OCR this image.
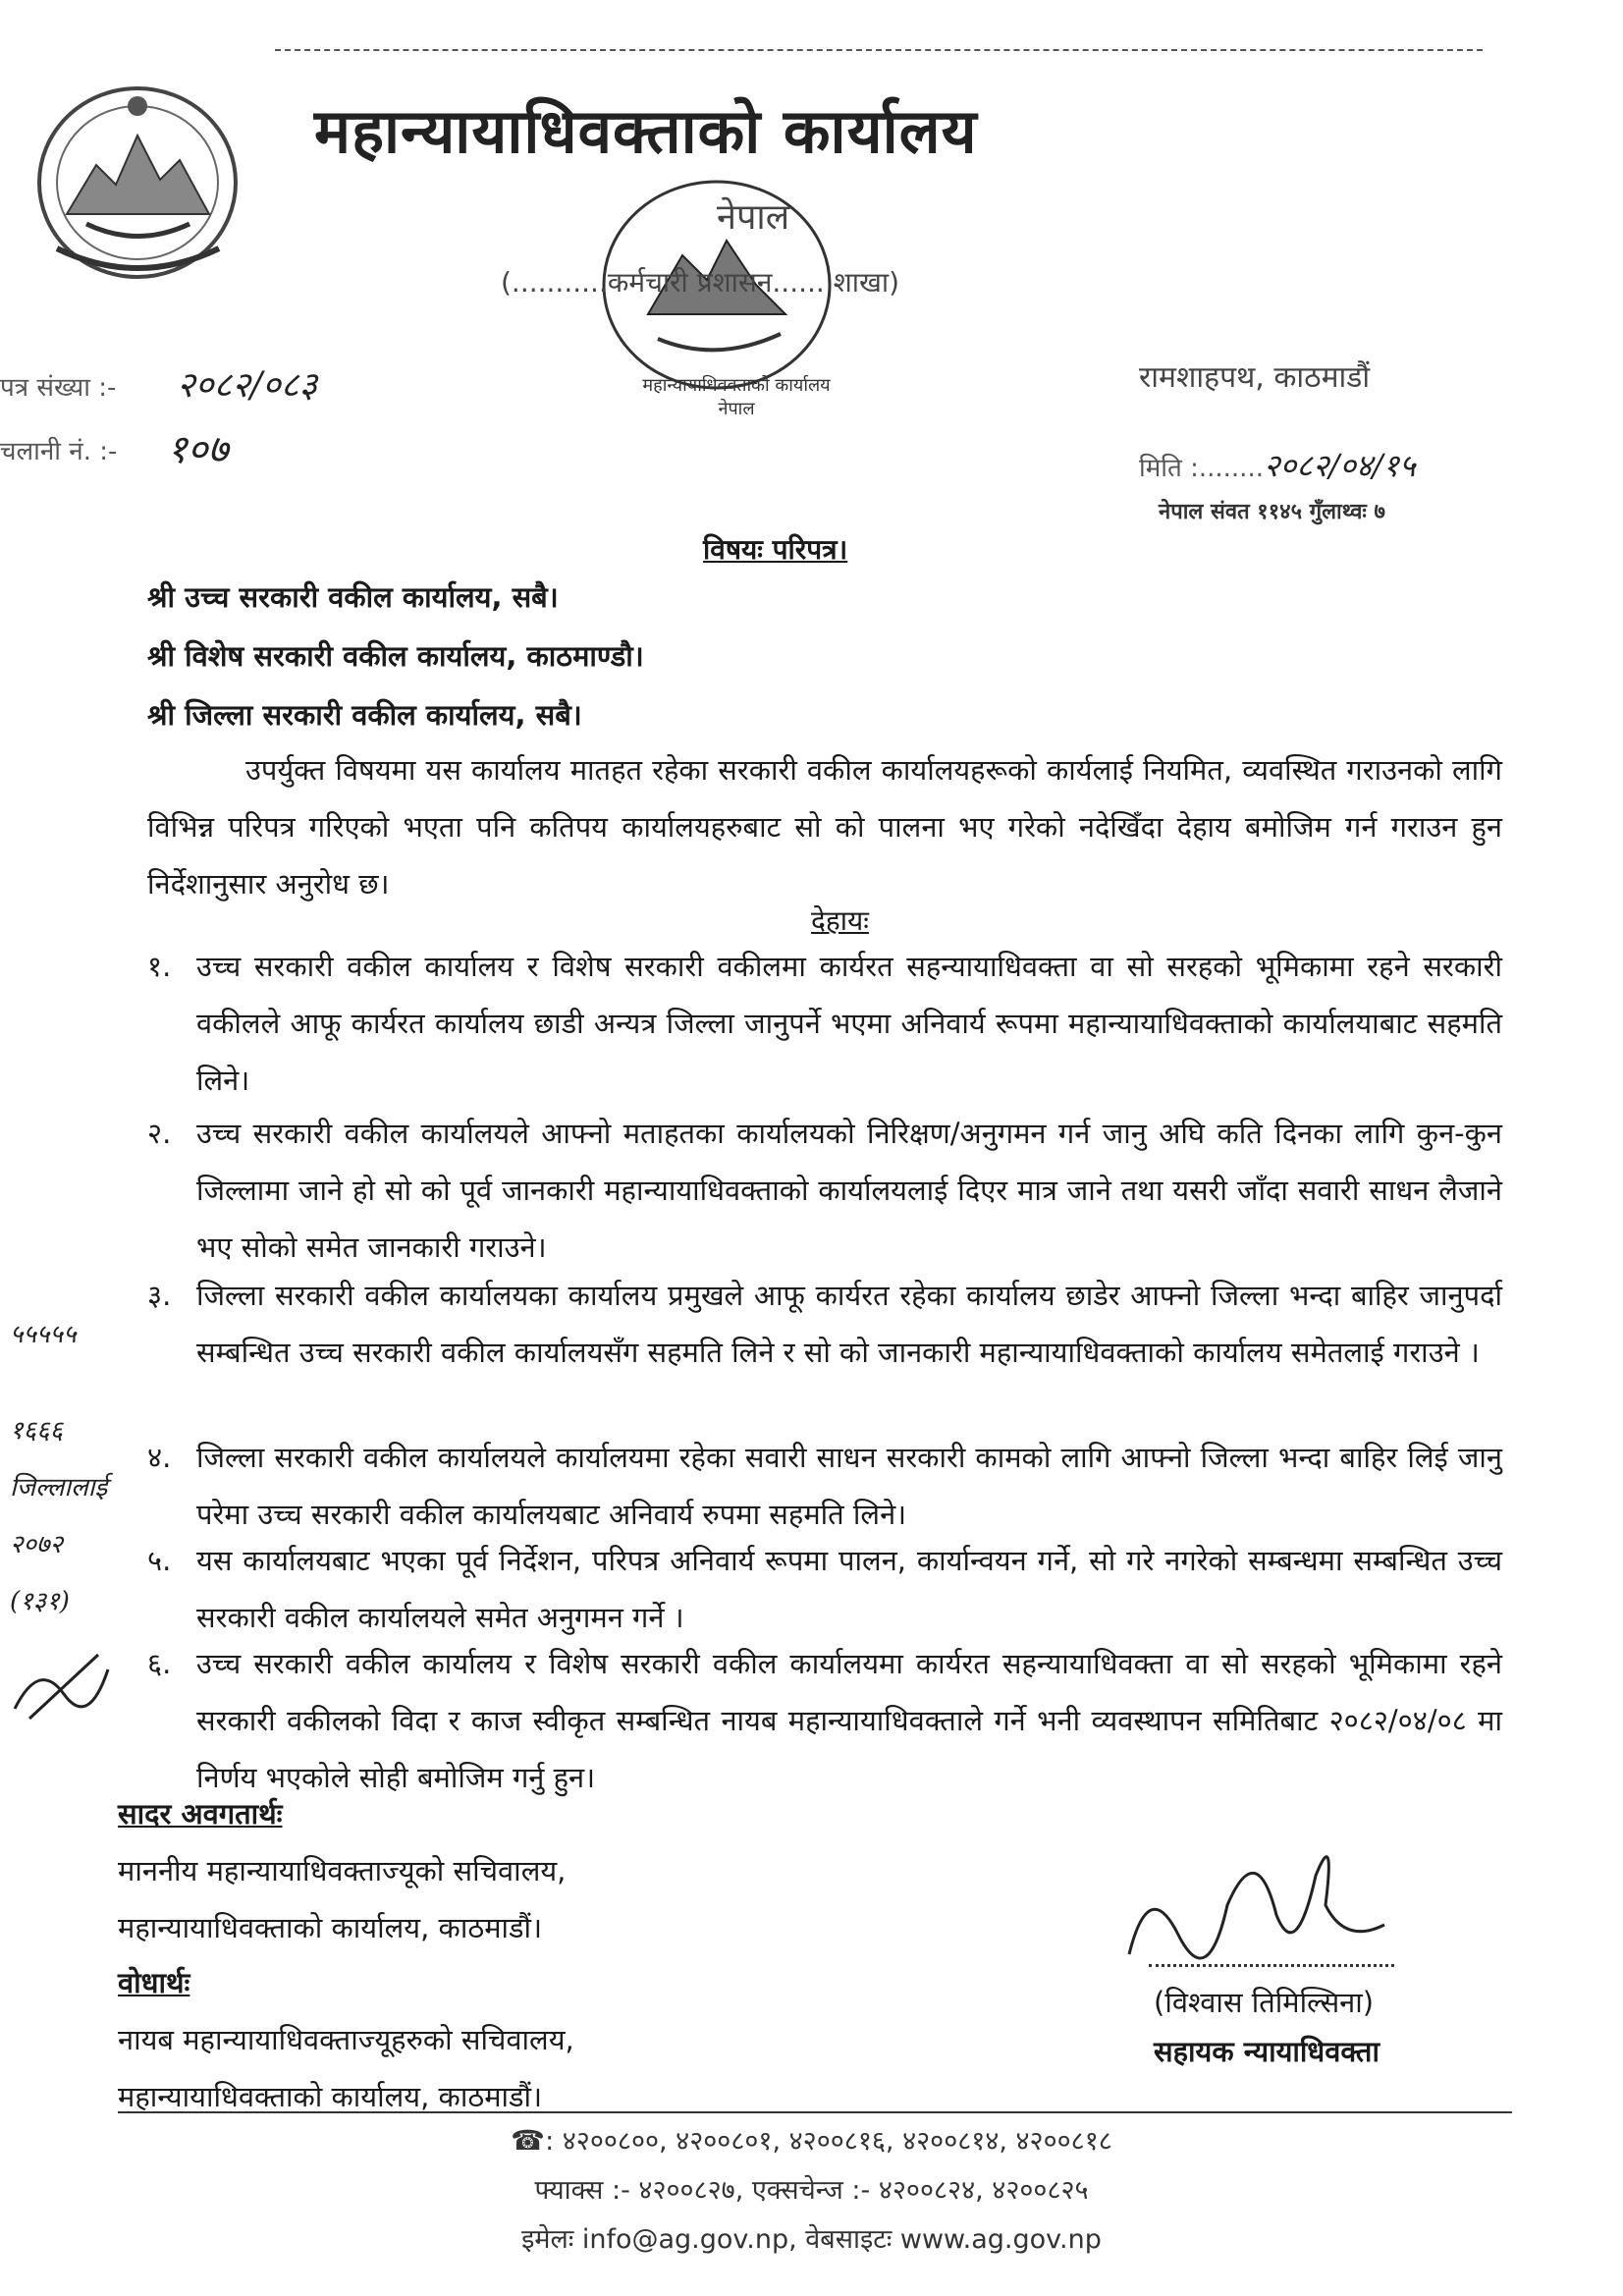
महान्यायाधिवक्ताको कार्यालय
महान्यायाधिवक्ताको कार्यालय नेपाल
नेपाल
(...........कर्मचारी प्रशासन...... शाखा)
पत्र संख्या :- २०८२/०८३
चलानी नं. :- १०७
रामशाहपथ, काठमाडौं
मिति :........२०८२/०४/१५
नेपाल संवत ११४५ गुँलाथ्वः ७
विषयः परिपत्र।
श्री उच्च सरकारी वकील कार्यालय, सबै।
श्री विशेष सरकारी वकील कार्यालय, काठमाण्डौ।
श्री जिल्ला सरकारी वकील कार्यालय, सबै।
उपर्युक्त विषयमा यस कार्यालय मातहत रहेका सरकारी वकील कार्यालयहरूको कार्यलाई नियमित, व्यवस्थित गराउनको लागि विभिन्न परिपत्र गरिएको भएता पनि कतिपय कार्यालयहरुबाट सो को पालना भए गरेको नदेखिँदा देहाय बमोजिम गर्न गराउन हुन निर्देशानुसार अनुरोध छ।
देहायः
१. उच्च सरकारी वकील कार्यालय र विशेष सरकारी वकीलमा कार्यरत सहन्यायाधिवक्ता वा सो सरहको भूमिकामा रहने सरकारी वकीलले आफू कार्यरत कार्यालय छाडी अन्यत्र जिल्ला जानुपर्ने भएमा अनिवार्य रूपमा महान्यायाधिवक्ताको कार्यालयाबाट सहमति लिने।
२. उच्च सरकारी वकील कार्यालयले आफ्नो मताहतका कार्यालयको निरिक्षण/अनुगमन गर्न जानु अघि कति दिनका लागि कुन-कुन जिल्लामा जाने हो सो को पूर्व जानकारी महान्यायाधिवक्ताको कार्यालयलाई दिएर मात्र जाने तथा यसरी जाँदा सवारी साधन लैजाने भए सोको समेत जानकारी गराउने।
३. जिल्ला सरकारी वकील कार्यालयका कार्यालय प्रमुखले आफू कार्यरत रहेका कार्यालय छाडेर आफ्नो जिल्ला भन्दा बाहिर जानुपर्दा सम्बन्धित उच्च सरकारी वकील कार्यालयसँग सहमति लिने र सो को जानकारी महान्यायाधिवक्ताको कार्यालय समेतलाई गराउने ।
४. जिल्ला सरकारी वकील कार्यालयले कार्यालयमा रहेका सवारी साधन सरकारी कामको लागि आफ्नो जिल्ला भन्दा बाहिर लिई जानु परेमा उच्च सरकारी वकील कार्यालयबाट अनिवार्य रुपमा सहमति लिने।
५. यस कार्यालयबाट भएका पूर्व निर्देशन, परिपत्र अनिवार्य रूपमा पालन, कार्यान्वयन गर्ने, सो गरे नगरेको सम्बन्धमा सम्बन्धित उच्च सरकारी वकील कार्यालयले समेत अनुगमन गर्ने ।
६. उच्च सरकारी वकील कार्यालय र विशेष सरकारी वकील कार्यालयमा कार्यरत सहन्यायाधिवक्ता वा सो सरहको भूमिकामा रहने सरकारी वकीलको विदा र काज स्वीकृत सम्बन्धित नायब महान्यायाधिवक्ताले गर्ने भनी व्यवस्थापन समितिबाट २०८२/०४/०८ मा निर्णय भएकोले सोही बमोजिम गर्नु हुन।
५५५५५
१६६६
जिल्लालाई
२०७२
(१३१)
सादर अवगतार्थः
माननीय महान्यायाधिवक्ताज्यूको सचिवालय,
महान्यायाधिवक्ताको कार्यालय, काठमाडौं।
वोधार्थः
नायब महान्यायाधिवक्ताज्यूहरुको सचिवालय,
महान्यायाधिवक्ताको कार्यालय, काठमाडौं।
(विश्वास तिमिल्सिना)
सहायक न्यायाधिवक्ता
☎: ४२००८००, ४२००८०१, ४२००८१६, ४२००८१४, ४२००८१८
फ्याक्स :- ४२००८२७, एक्सचेन्ज :- ४२००८२४, ४२००८२५
इमेलः info@ag.gov.np, वेबसाइटः www.ag.gov.np
